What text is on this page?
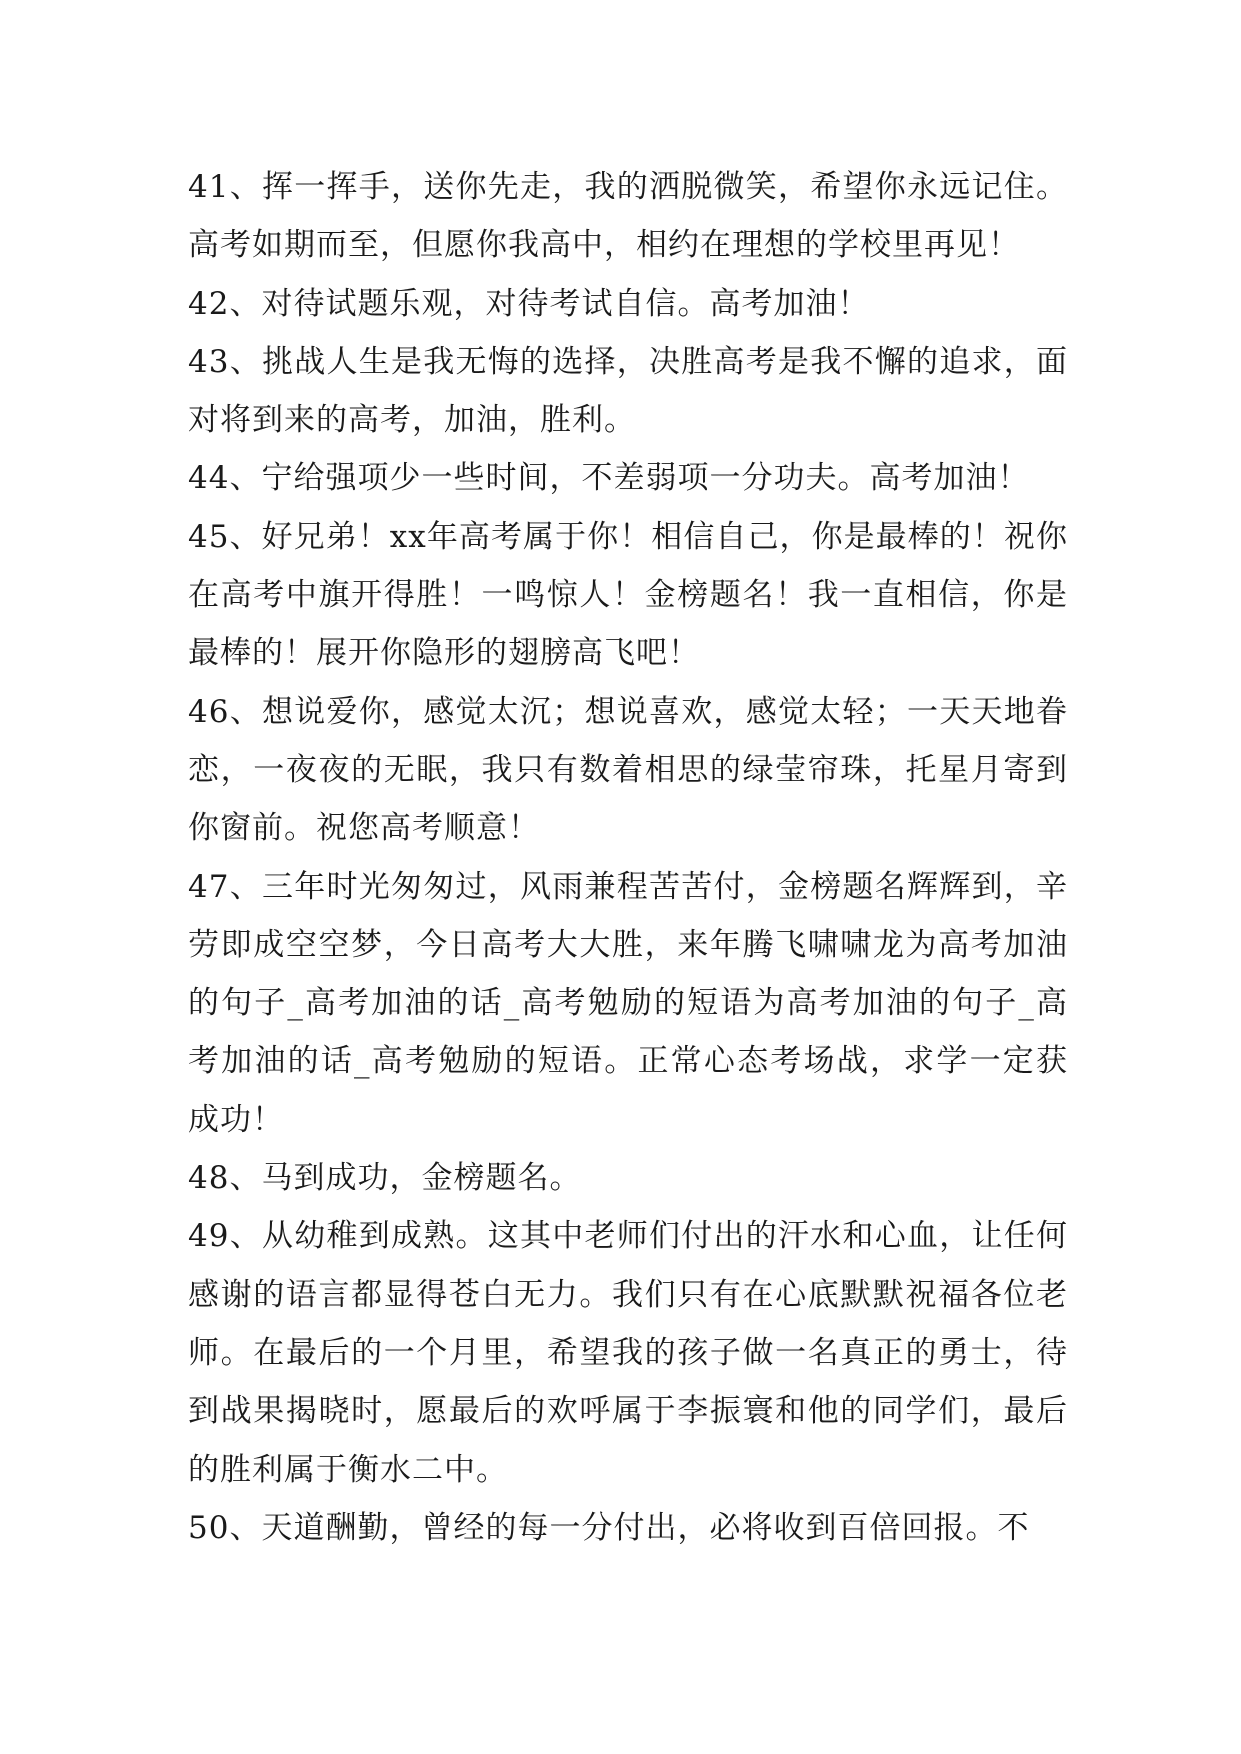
41、挥一挥手，送你先走，我的洒脱微笑，希望你永远记住。高考如期而至，但愿你我高中，相约在理想的学校里再见！

42、对待试题乐观，对待考试自信。高考加油！

43、挑战人生是我无悔的选择，决胜高考是我不懈的追求，面对将到来的高考，加油，胜利。

44、宁给强项少一些时间，不差弱项一分功夫。高考加油！

45、好兄弟！xx年高考属于你！相信自己，你是最棒的！祝你在高考中旗开得胜！一鸣惊人！金榜题名！我一直相信，你是最棒的！展开你隐形的翅膀高飞吧！

46、想说爱你，感觉太沉；想说喜欢，感觉太轻；一天天地眷恋，一夜夜的无眠，我只有数着相思的绿莹帘珠，托星月寄到你窗前。祝您高考顺意！

47、三年时光匆匆过，风雨兼程苦苦付，金榜题名辉辉到，辛劳即成空空梦，今日高考大大胜，来年腾飞啸啸龙为高考加油的句子_高考加油的话_高考勉励的短语为高考加油的句子_高考加油的话_高考勉励的短语。正常心态考场战，求学一定获成功！

48、马到成功，金榜题名。

49、从幼稚到成熟。这其中老师们付出的汗水和心血，让任何感谢的语言都显得苍白无力。我们只有在心底默默祝福各位老师。在最后的一个月里，希望我的孩子做一名真正的勇士，待到战果揭晓时，愿最后的欢呼属于李振寰和他的同学们，最后的胜利属于衡水二中。

50、天道酬勤，曾经的每一分付出，必将收到百倍回报。不
